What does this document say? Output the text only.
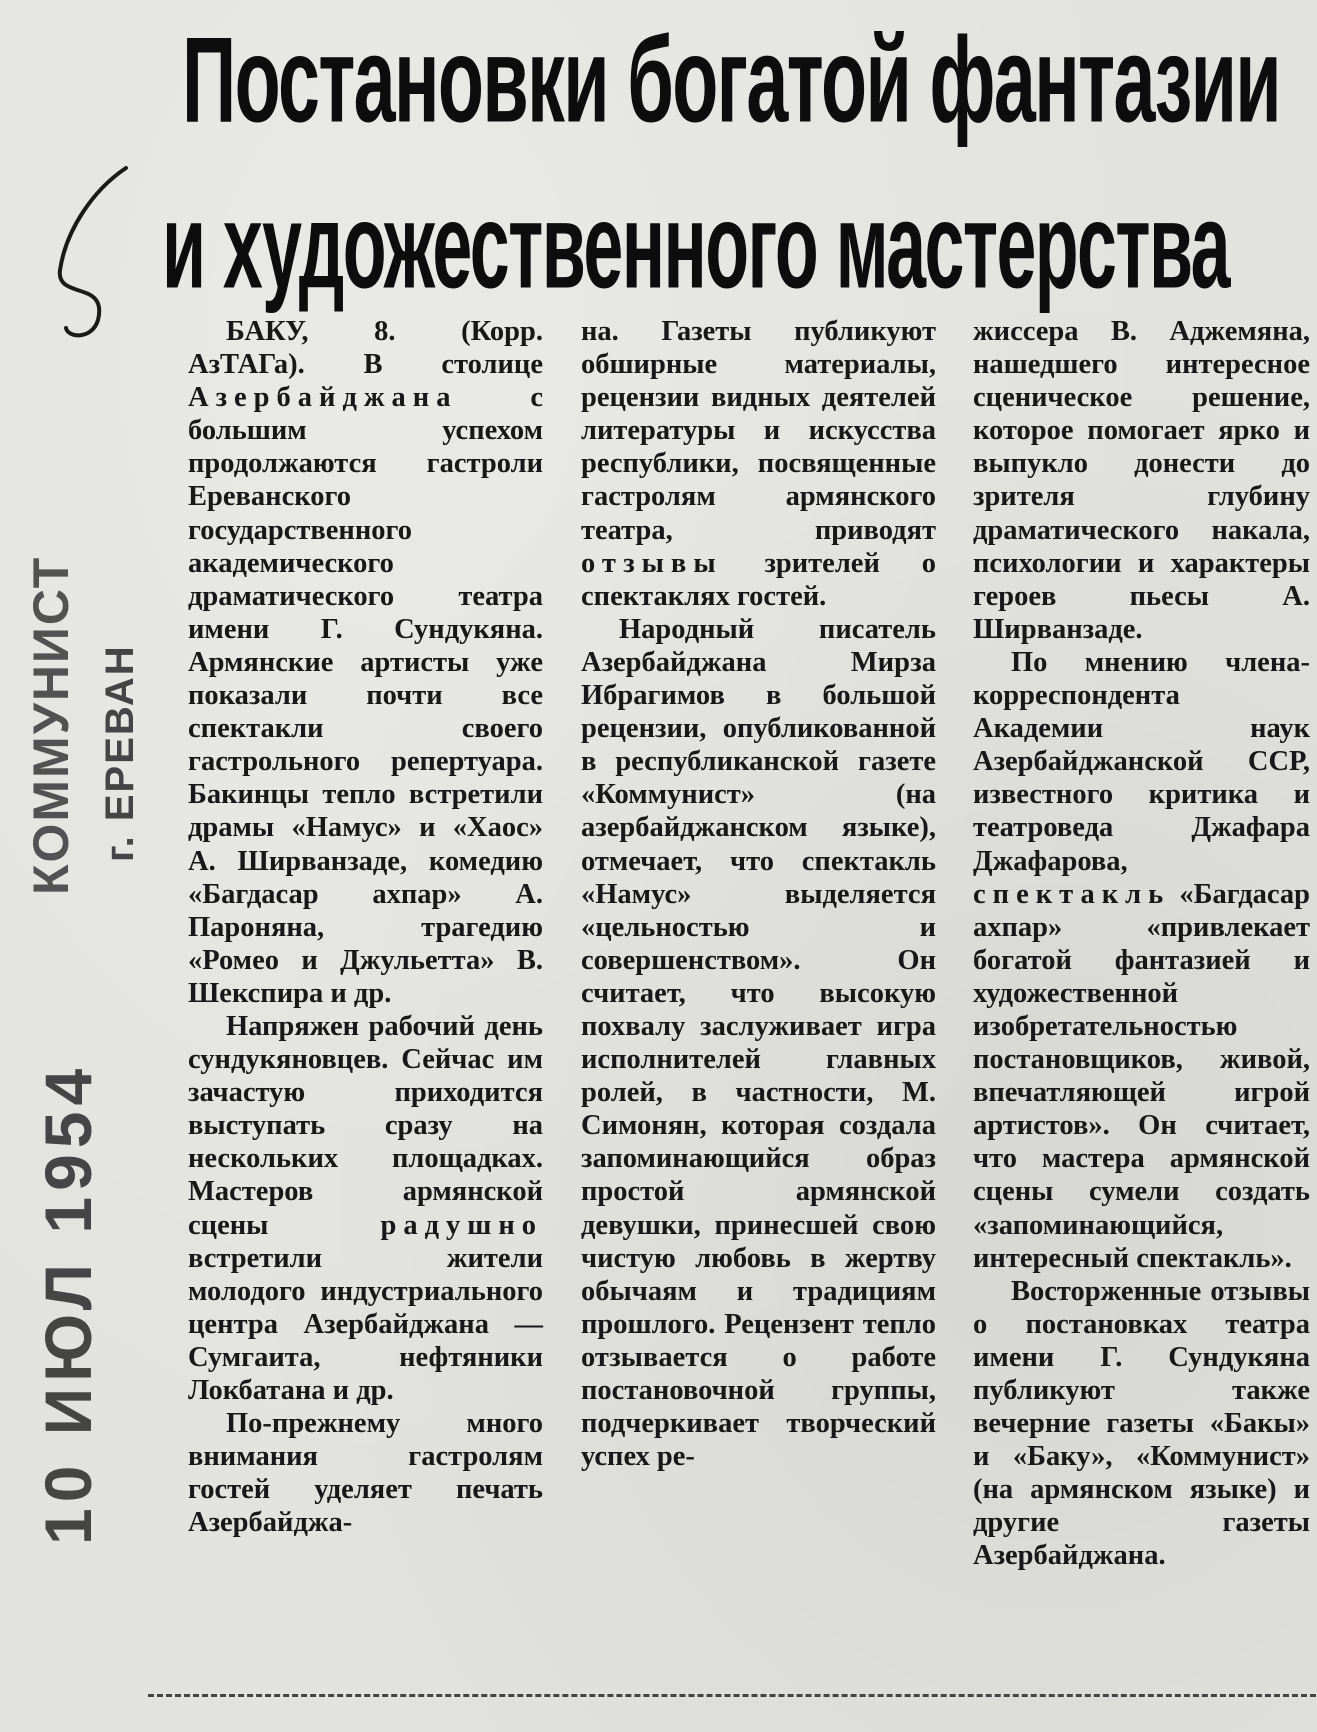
Постановки богатой фантазии
и художественного мастерства
КОММУНИСТ г. ЕРЕВАН
10 ИЮЛ 1954

БАКУ, 8. (Корр. АзТАГа). В столице Азербайджана с большим успехом продолжаются гастроли Ереванского государственного академического драматического театра имени Г. Сундукяна. Армянские артисты уже показали почти все спектакли своего гастрольного репертуара. Бакинцы тепло встретили драмы «Намус» и «Хаос» А. Ширванзаде, комедию «Багдасар ахпар» А. Пароняна, трагедию «Ромео и Джульетта» В. Шекспира и др.

Напряжен рабочий день сундукяновцев. Сейчас им зачастую приходится выступать сразу на нескольких площадках. Мастеров армянской сцены радушно встретили жители молодого индустриального центра Азербайджана — Сумгаита, нефтяники Локбатана и др.

По-прежнему много внимания гастролям гостей уделяет печать Азербайджа-

на. Газеты публикуют обширные материалы, рецензии видных деятелей литературы и искусства республики, посвященные гастролям армянского театра, приводят отзывы зрителей о спектаклях гостей.

Народный писатель Азербайджана Мирза Ибрагимов в большой рецензии, опубликованной в республиканской газете «Коммунист» (на азербайджанском языке), отмечает, что спектакль «Намус» выделяется «цельностью и совершенством». Он считает, что высокую похвалу заслуживает игра исполнителей главных ролей, в частности, М. Симонян, которая создала запоминающийся образ простой армянской девушки, принесшей свою чистую любовь в жертву обычаям и традициям прошлого. Рецензент тепло отзывается о работе постановочной группы, подчеркивает творческий успех ре-

жиссера В. Аджемяна, нашедшего интересное сценическое решение, которое помогает ярко и выпукло донести до зрителя глубину драматического накала, психологии и характеры героев пьесы А. Ширванзаде.

По мнению члена-корреспондента Академии наук Азербайджанской ССР, известного критика и театроведа Джафара Джафарова, спектакль «Багдасар ахпар» «привлекает богатой фантазией и художественной изобретательностью постановщиков, живой, впечатляющей игрой артистов». Он считает, что мастера армянской сцены сумели создать «запоминающийся, интересный спектакль».

Восторженные отзывы о постановках театра имени Г. Сундукяна публикуют также вечерние газеты «Бакы» и «Баку», «Коммунист» (на армянском языке) и другие газеты Азербайджана.
